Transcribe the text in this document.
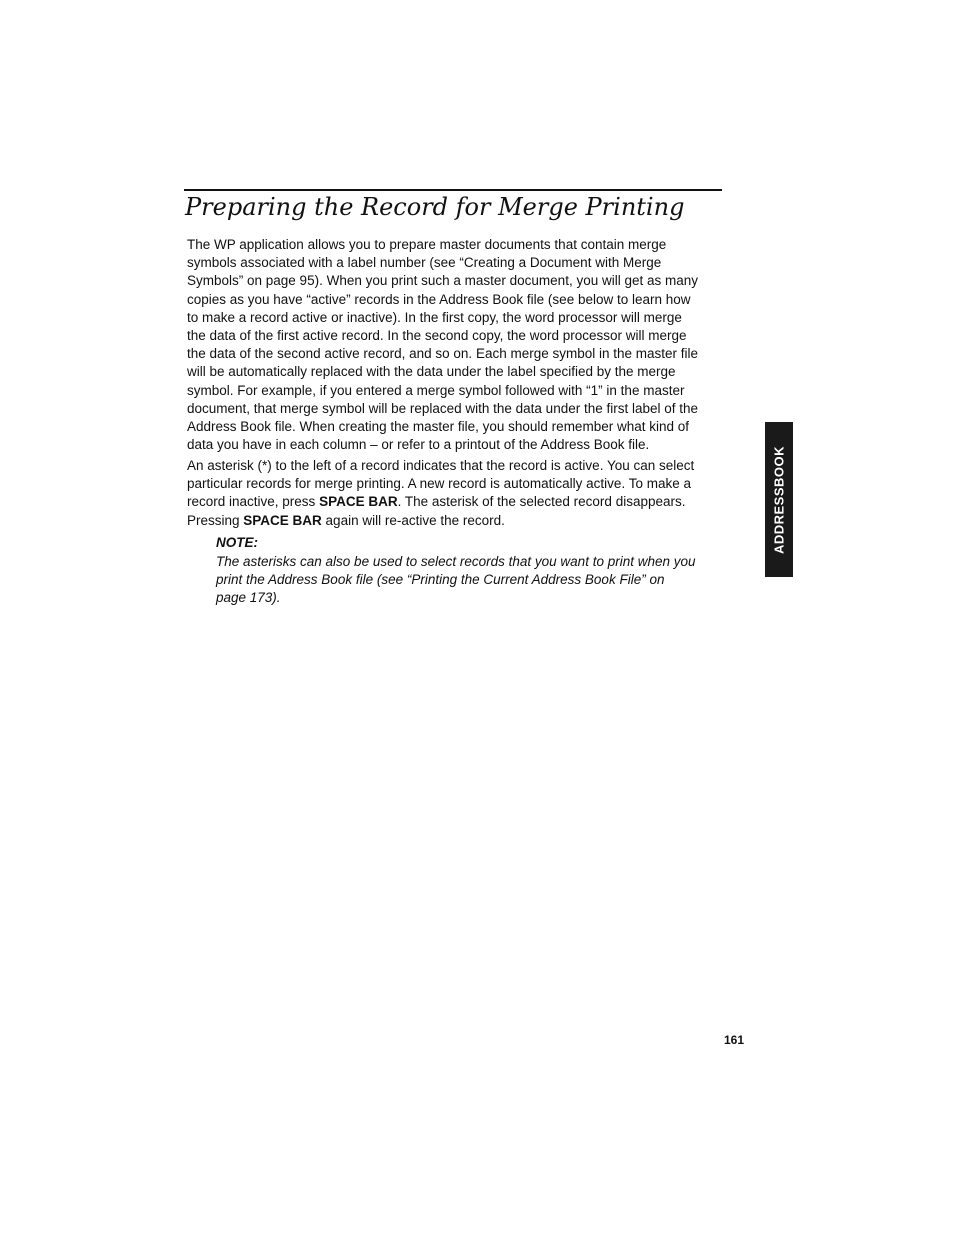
Preparing the Record for Merge Printing

The WP application allows you to prepare master documents that contain merge
symbols associated with a label number (see “Creating a Document with Merge
Symbols” on page 95). When you print such a master document, you will get as many
copies as you have “active” records in the Address Book file (see below to learn how
to make a record active or inactive). In the first copy, the word processor will merge
the data of the first active record. In the second copy, the word processor will merge
the data of the second active record, and so on. Each merge symbol in the master file
will be automatically replaced with the data under the label specified by the merge
symbol. For example, if you entered a merge symbol followed with “1” in the master
document, that merge symbol will be replaced with the data under the first label of the
Address Book file. When creating the master file, you should remember what kind of
data you have in each column – or refer to a printout of the Address Book file.

An asterisk (*) to the left of a record indicates that the record is active. You can select
particular records for merge printing. A new record is automatically active. To make a
record inactive, press SPACE BAR. The asterisk of the selected record disappears.
Pressing SPACE BAR again will re-active the record.

NOTE:

The asterisks can also be used to select records that you want to print when you
print the Address Book file (see “Printing the Current Address Book File” on
page 173).

ADDRESSBOOK

161
